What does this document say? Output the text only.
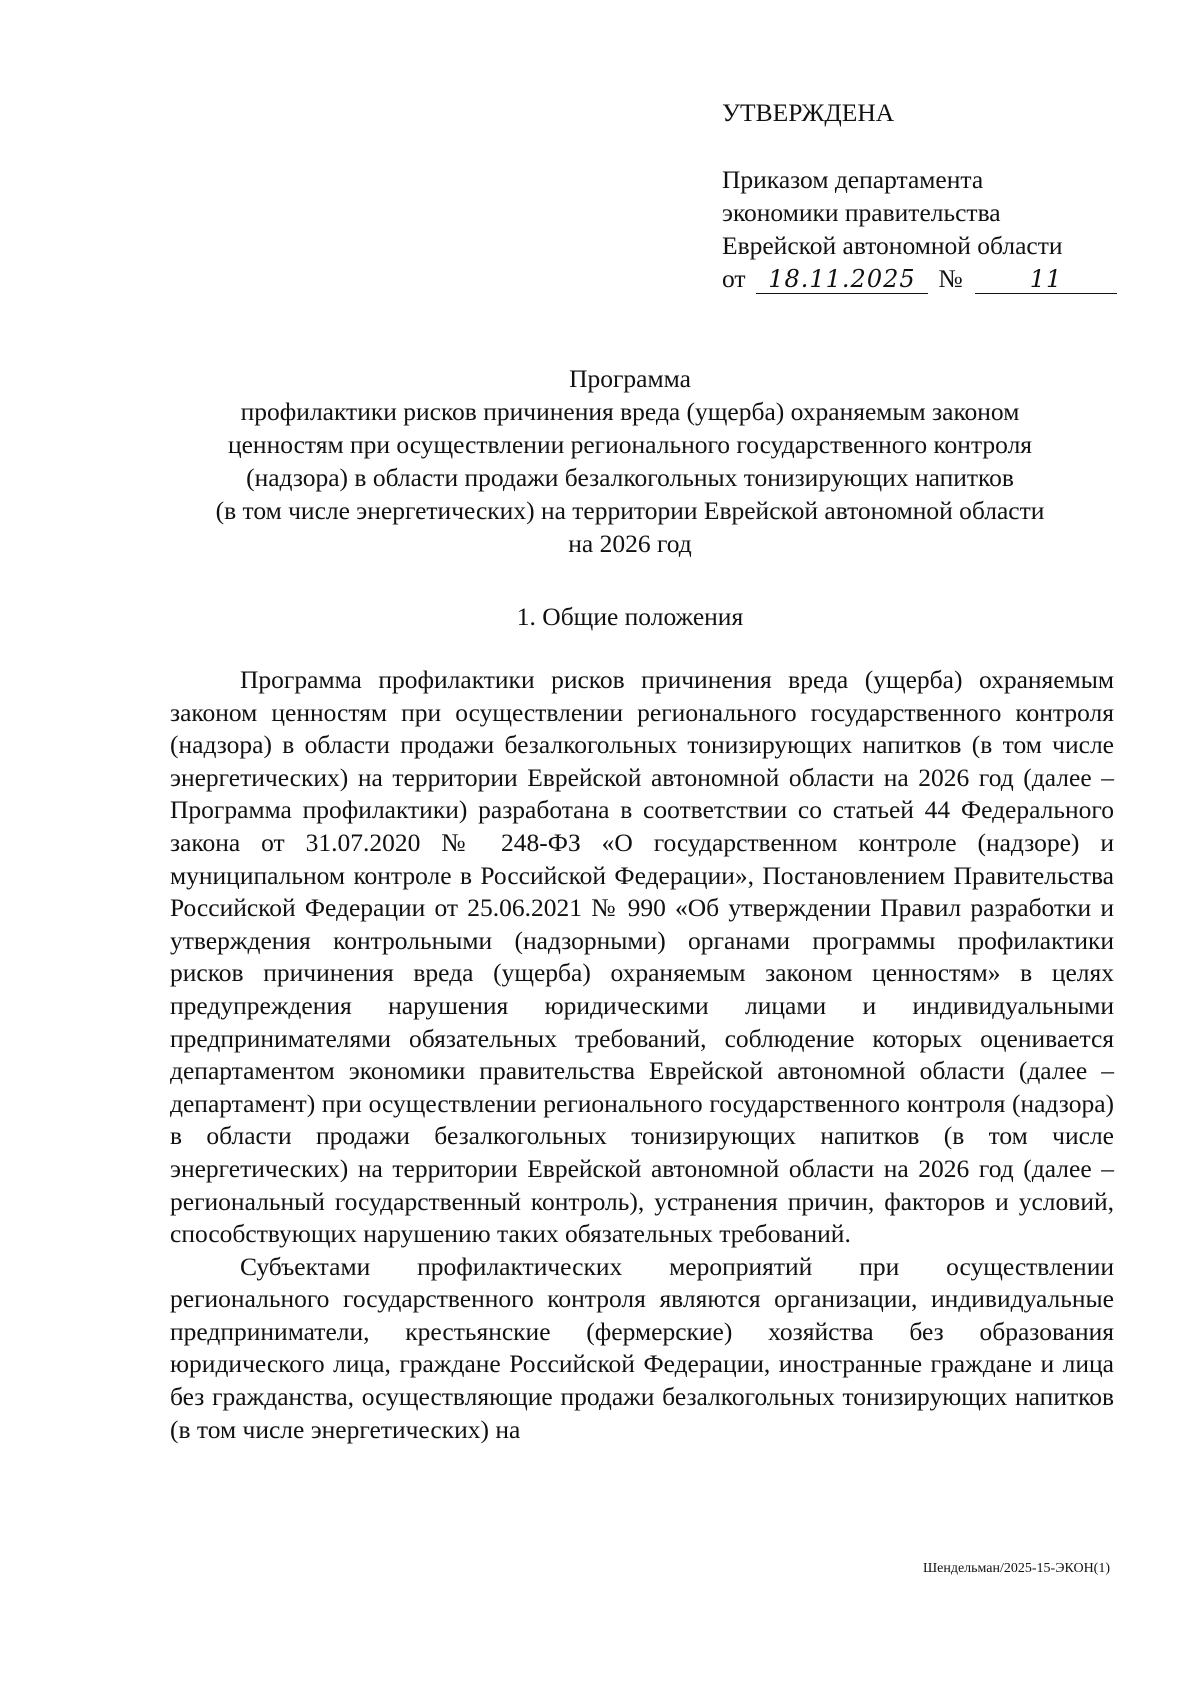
УТВЕРЖДЕНА
Приказом департамента
экономики правительства
Еврейской автономной области
от 18.11.2025 №	11
Программа
профилактики рисков причинения вреда (ущерба) охраняемым законом
ценностям при осуществлении регионального государственного контроля
(надзора) в области продажи безалкогольных тонизирующих напитков
(в том числе энергетических) на территории Еврейской автономной области
на 2026 год
1. Общие положения

Программа профилактики рисков причинения вреда (ущерба) охраняемым законом ценностям при осуществлении регионального государственного контроля (надзора) в области продажи безалкогольных тонизирующих напитков (в том числе энергетических) на территории Еврейской автономной области на 2026 год (далее – Программа профилактики) разработана в соответствии со статьей 44 Федерального закона от 31.07.2020 № 248-ФЗ «О государственном контроле (надзоре) и муниципальном контроле в Российской Федерации», Постановлением Правительства Российской Федерации от 25.06.2021 № 990 «Об утверждении Правил разработки и утверждения контрольными (надзорными) органами программы профилактики рисков причинения вреда (ущерба) охраняемым законом ценностям» в целях предупреждения нарушения юридическими лицами и индивидуальными предпринимателями обязательных требований, соблюдение которых оценивается департаментом экономики правительства Еврейской автономной области (далее – департамент) при осуществлении регионального государственного контроля (надзора) в области продажи безалкогольных тонизирующих напитков (в том числе энергетических) на территории Еврейской автономной области на 2026 год (далее – региональный государственный контроль), устранения причин, факторов и условий, способствующих нарушению таких обязательных требований.

Субъектами профилактических мероприятий при осуществлении регионального государственного контроля являются организации, индивидуальные предприниматели, крестьянские (фермерские) хозяйства без образования юридического лица, граждане Российской Федерации, иностранные граждане и лица без гражданства, осуществляющие продажи безалкогольных тонизирующих напитков (в том числе энергетических) на

Шендельман/2025-15-ЭКОН(1)
